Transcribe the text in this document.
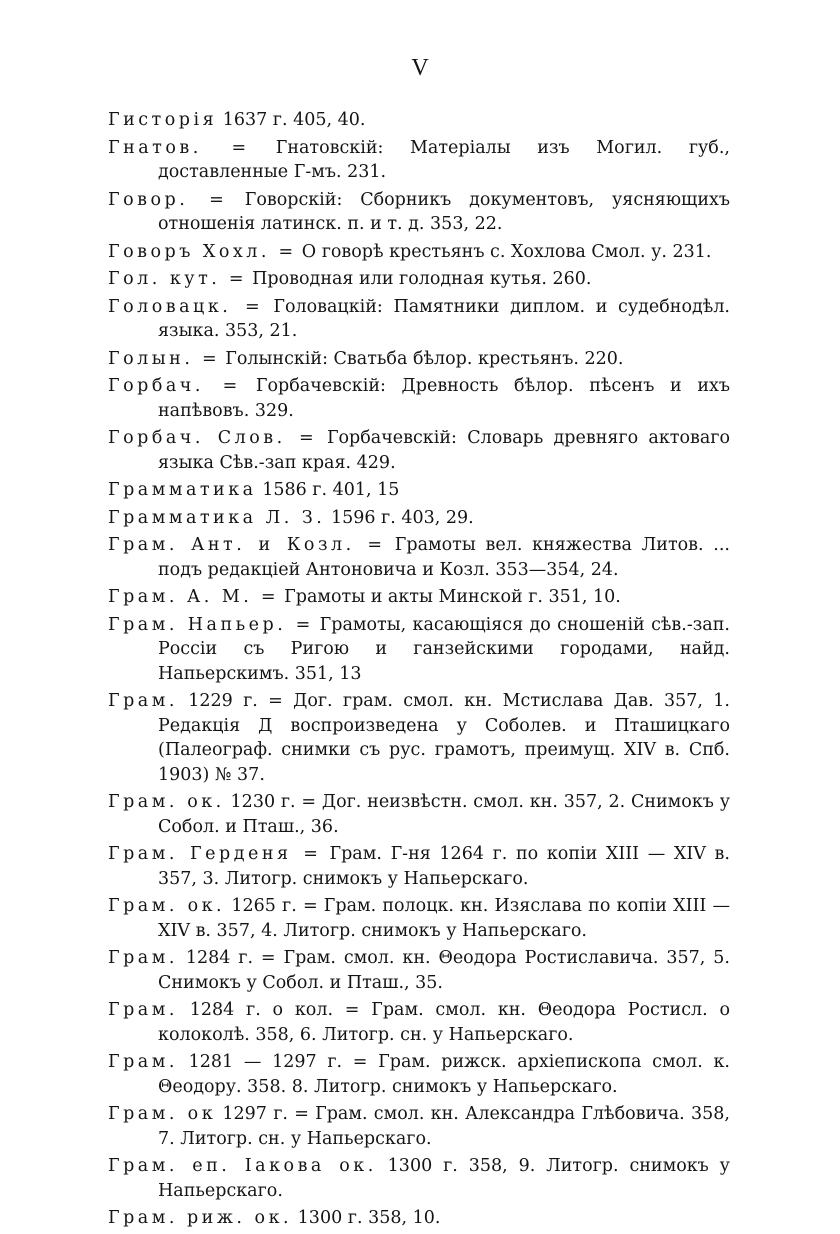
V

Гисторія 1637 г. 405, 40.

Гнатов. = Гнатовскій: Матеріалы изъ Могил. губ., доставленные Г-мъ. 231.

Говор. = Говорскій: Сборникъ документовъ, уясняющихъ отношенія латинск. п. и т. д. 353, 22.

Говоръ Хохл. = О говорѣ крестьянъ с. Хохлова Смол. у. 231.

Гол. кут. = Проводная или голодная кутья. 260.

Головацк. = Головацкій: Памятники диплом. и судебнодѣл. языка. 353, 21.

Голын. = Голынскій: Сватьба бѣлор. крестьянъ. 220.

Горбач. = Горбачевскій: Древность бѣлор. пѣсенъ и ихъ напѣвовъ. 329.

Горбач. Слов. = Горбачевскій: Словарь древняго актоваго языка Сѣв.-зап края. 429.

Грамматика 1586 г. 401, 15

Грамматика Л. З. 1596 г. 403, 29.

Грам. Ант. и Козл. = Грамоты вел. княжества Литов. ... подъ редакціей Антоновича и Козл. 353—354, 24.

Грам. А. М. = Грамоты и акты Минской г. 351, 10.

Грам. Напьер. = Грамоты, касающіяся до сношеній сѣв.-зап. Россіи съ Ригою и ганзейскими городами, найд. Напьерскимъ. 351, 13

Грам. 1229 г. = Дог. грам. смол. кн. Мстислава Дав. 357, 1. Редакція Д воспроизведена у Соболев. и Пташицкаго (Палеограф. снимки съ рус. грамотъ, преимущ. XIV в. Спб. 1903) № 37.

Грам. ок. 1230 г. = Дог. неизвѣстн. смол. кн. 357, 2. Снимокъ у Собол. и Пташ., 36.

Грам. Герденя = Грам. Г-ня 1264 г. по копіи XIII — XIV в. 357, 3. Литогр. снимокъ у Напьерскаго.

Грам. ок. 1265 г. = Грам. полоцк. кн. Изяслава по копіи XIII — XIV в. 357, 4. Литогр. снимокъ у Напьерскаго.

Грам. 1284 г. = Грам. смол. кн. Θеодора Ростиславича. 357, 5. Снимокъ у Собол. и Пташ., 35.

Грам. 1284 г. о кол. = Грам. смол. кн. Θеодора Ростисл. о колоколѣ. 358, 6. Литогр. сн. у Напьерскаго.

Грам. 1281 — 1297 г. = Грам. рижск. архіепископа смол. к. Θеодору. 358. 8. Литогр. снимокъ у Напьерскаго.

Грам. ок 1297 г. = Грам. смол. кн. Александра Глѣбовича. 358, 7. Литогр. сн. у Напьерскаго.

Грам. еп. Іакова ок. 1300 г. 358, 9. Литогр. снимокъ у Напьерскаго.

Грам. риж. ок. 1300 г. 358, 10.
